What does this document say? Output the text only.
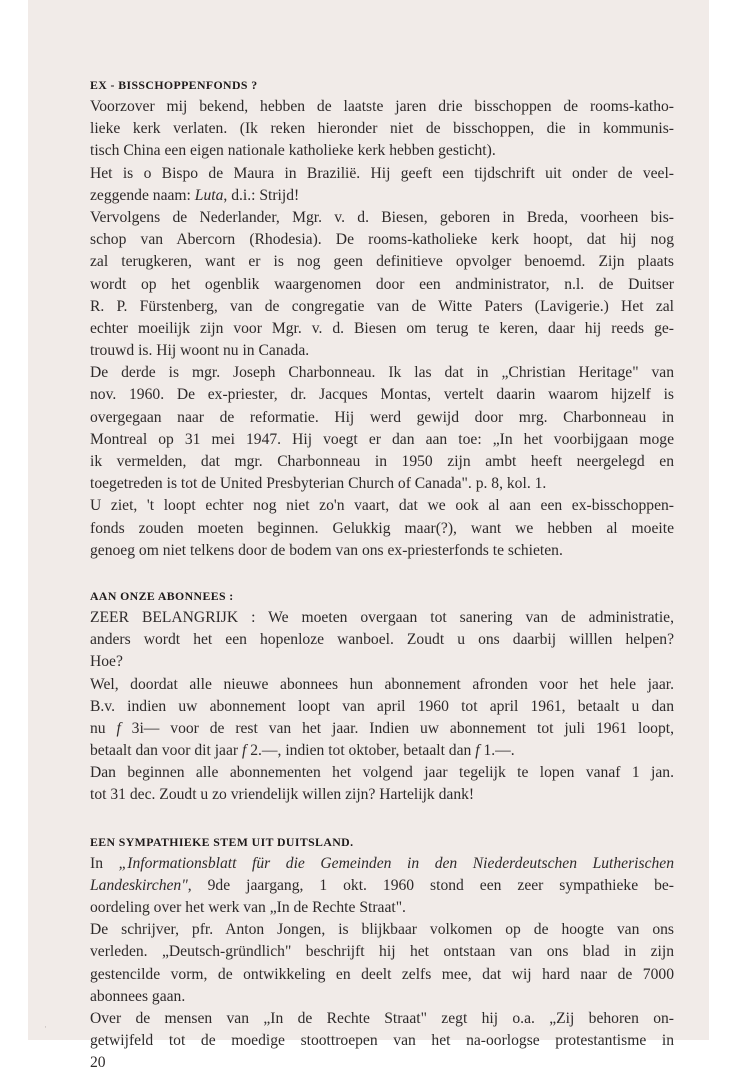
EX - BISSCHOPPENFONDS ?
Voorzover mij bekend, hebben de laatste jaren drie bisschoppen de rooms-katho-
lieke kerk verlaten. (Ik reken hieronder niet de bisschoppen, die in kommunis-
tisch China een eigen nationale katholieke kerk hebben gesticht).
Het is o Bispo de Maura in Brazilië. Hij geeft een tijdschrift uit onder de veel-
zeggende naam: Luta, d.i.: Strijd!
Vervolgens de Nederlander, Mgr. v. d. Biesen, geboren in Breda, voorheen bis-
schop van Abercorn (Rhodesia). De rooms-katholieke kerk hoopt, dat hij nog
zal terugkeren, want er is nog geen definitieve opvolger benoemd. Zijn plaats
wordt op het ogenblik waargenomen door een andministrator, n.l. de Duitser
R. P. Fürstenberg, van de congregatie van de Witte Paters (Lavigerie.) Het zal
echter moeilijk zijn voor Mgr. v. d. Biesen om terug te keren, daar hij reeds ge-
trouwd is. Hij woont nu in Canada.
De derde is mgr. Joseph Charbonneau. Ik las dat in „Christian Heritage" van
nov. 1960. De ex-priester, dr. Jacques Montas, vertelt daarin waarom hijzelf is
overgegaan naar de reformatie. Hij werd gewijd door mrg. Charbonneau in
Montreal op 31 mei 1947. Hij voegt er dan aan toe: „In het voorbijgaan moge
ik vermelden, dat mgr. Charbonneau in 1950 zijn ambt heeft neergelegd en
toegetreden is tot de United Presbyterian Church of Canada". p. 8, kol. 1.
U ziet, 't loopt echter nog niet zo'n vaart, dat we ook al aan een ex-bisschoppen-
fonds zouden moeten beginnen. Gelukkig maar(?), want we hebben al moeite
genoeg om niet telkens door de bodem van ons ex-priesterfonds te schieten.
AAN ONZE ABONNEES :
ZEER BELANGRIJK : We moeten overgaan tot sanering van de administratie,
anders wordt het een hopenloze wanboel. Zoudt u ons daarbij willlen helpen?
Hoe?
Wel, doordat alle nieuwe abonnees hun abonnement afronden voor het hele jaar.
B.v. indien uw abonnement loopt van april 1960 tot april 1961, betaalt u dan
nu f 3i— voor de rest van het jaar. Indien uw abonnement tot juli 1961 loopt,
betaalt dan voor dit jaar f 2.—, indien tot oktober, betaalt dan f 1.—.
Dan beginnen alle abonnementen het volgend jaar tegelijk te lopen vanaf 1 jan.
tot 31 dec. Zoudt u zo vriendelijk willen zijn? Hartelijk dank!
EEN SYMPATHIEKE STEM UIT DUITSLAND.
In „Informationsblatt für die Gemeinden in den Niederdeutschen Lutherischen
Landeskirchen", 9de jaargang, 1 okt. 1960 stond een zeer sympathieke be-
oordeling over het werk van „In de Rechte Straat".
De schrijver, pfr. Anton Jongen, is blijkbaar volkomen op de hoogte van ons
verleden. „Deutsch-gründlich" beschrijft hij het ontstaan van ons blad in zijn
gestencilde vorm, de ontwikkeling en deelt zelfs mee, dat wij hard naar de 7000
abonnees gaan.
Over de mensen van „In de Rechte Straat" zegt hij o.a. „Zij behoren on-
getwijfeld tot de moedige stoottroepen van het na-oorlogse protestantisme in
20
·
